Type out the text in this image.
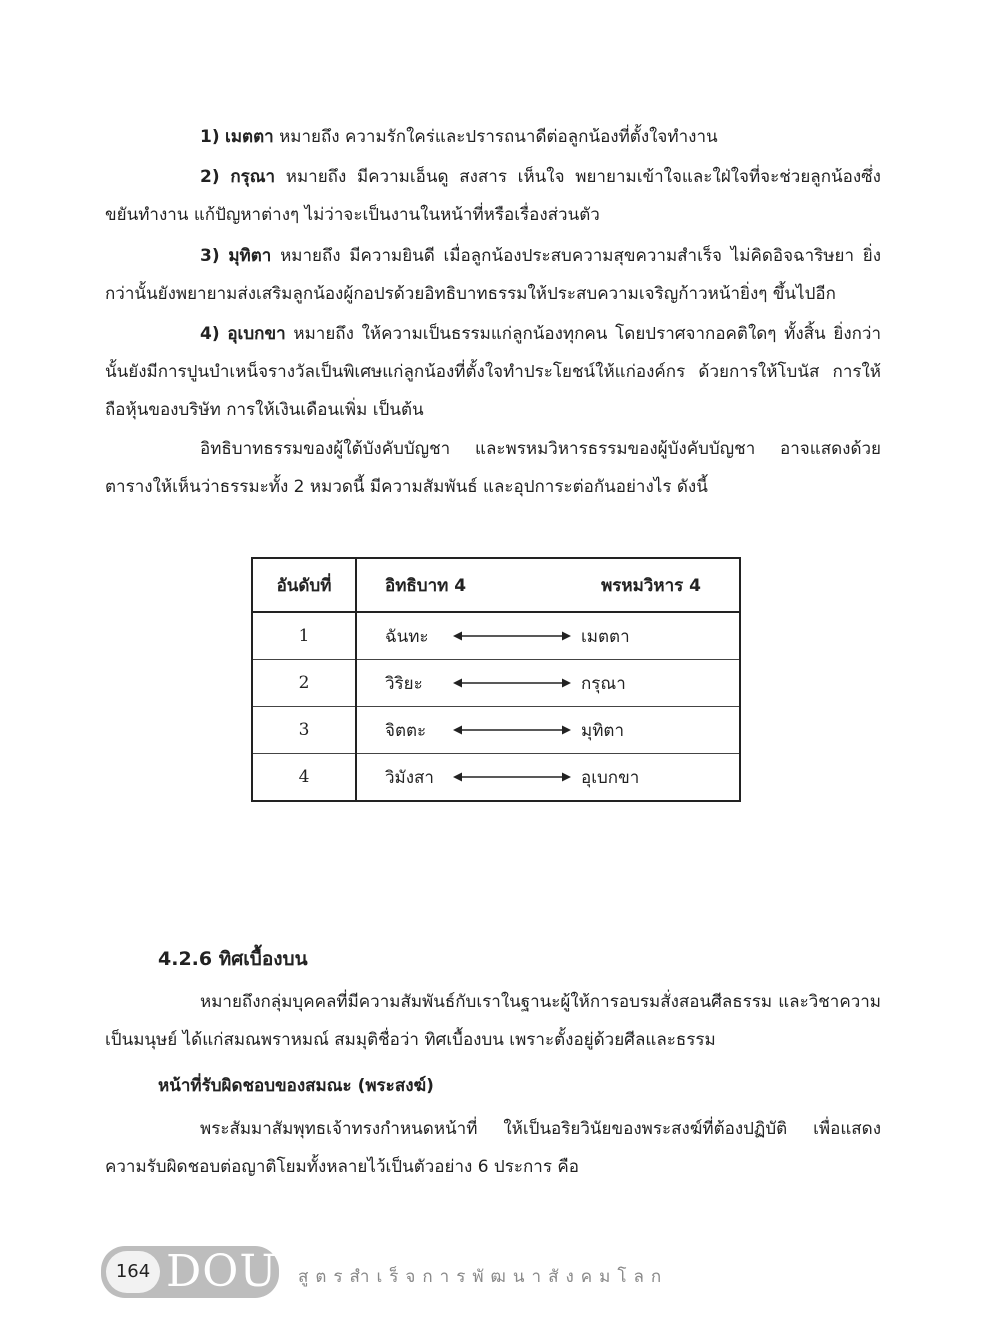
1) เมตตา หมายถึง ความรักใคร่และปรารถนาดีต่อลูกน้องที่ตั้งใจทำงาน

2) กรุณา หมายถึง มีความเอ็นดู สงสาร เห็นใจ พยายามเข้าใจและใฝ่ใจที่จะช่วยลูกน้องซึ่งขยันทำงาน แก้ปัญหาต่างๆ ไม่ว่าจะเป็นงานในหน้าที่หรือเรื่องส่วนตัว

3) มุทิตา หมายถึง มีความยินดี เมื่อลูกน้องประสบความสุขความสำเร็จ ไม่คิดอิจฉาริษยา ยิ่งกว่านั้นยังพยายามส่งเสริมลูกน้องผู้กอปรด้วยอิทธิบาทธรรมให้ประสบความเจริญก้าวหน้ายิ่งๆ ขึ้นไปอีก

4) อุเบกขา หมายถึง ให้ความเป็นธรรมแก่ลูกน้องทุกคน โดยปราศจากอคติใดๆ ทั้งสิ้น ยิ่งกว่านั้นยังมีการปูนบำเหน็จรางวัลเป็นพิเศษแก่ลูกน้องที่ตั้งใจทำประโยชน์ให้แก่องค์กร ด้วยการให้โบนัส การให้ถือหุ้นของบริษัท การให้เงินเดือนเพิ่ม เป็นต้น

อิทธิบาทธรรมของผู้ใต้บังคับบัญชา และพรหมวิหารธรรมของผู้บังคับบัญชา อาจแสดงด้วยตารางให้เห็นว่าธรรมะทั้ง 2 หมวดนี้ มีความสัมพันธ์ และอุปการะต่อกันอย่างไร ดังนี้

อันดับที่	อิทธิบาท 4 พรหมวิหาร 4

1	ฉันทะ เมตตา

2	วิริยะ กรุณา

3	จิตตะ มุทิตา

4	วิมังสา อุเบกขา
4.2.6 ทิศเบื้องบน

หมายถึงกลุ่มบุคคลที่มีความสัมพันธ์กับเราในฐานะผู้ให้การอบรมสั่งสอนศีลธรรม และวิชาความเป็นมนุษย์ ได้แก่สมณพราหมณ์ สมมุติชื่อว่า ทิศเบื้องบน เพราะตั้งอยู่ด้วยศีลและธรรม

หน้าที่รับผิดชอบของสมณะ (พระสงฆ์)

พระสัมมาสัมพุทธเจ้าทรงกำหนดหน้าที่ ให้เป็นอริยวินัยของพระสงฆ์ที่ต้องปฏิบัติ เพื่อแสดงความรับผิดชอบต่อญาติโยมทั้งหลายไว้เป็นตัวอย่าง 6 ประการ คือ

164 DOU สูตรสำเร็จการพัฒนาสังคมโลก
